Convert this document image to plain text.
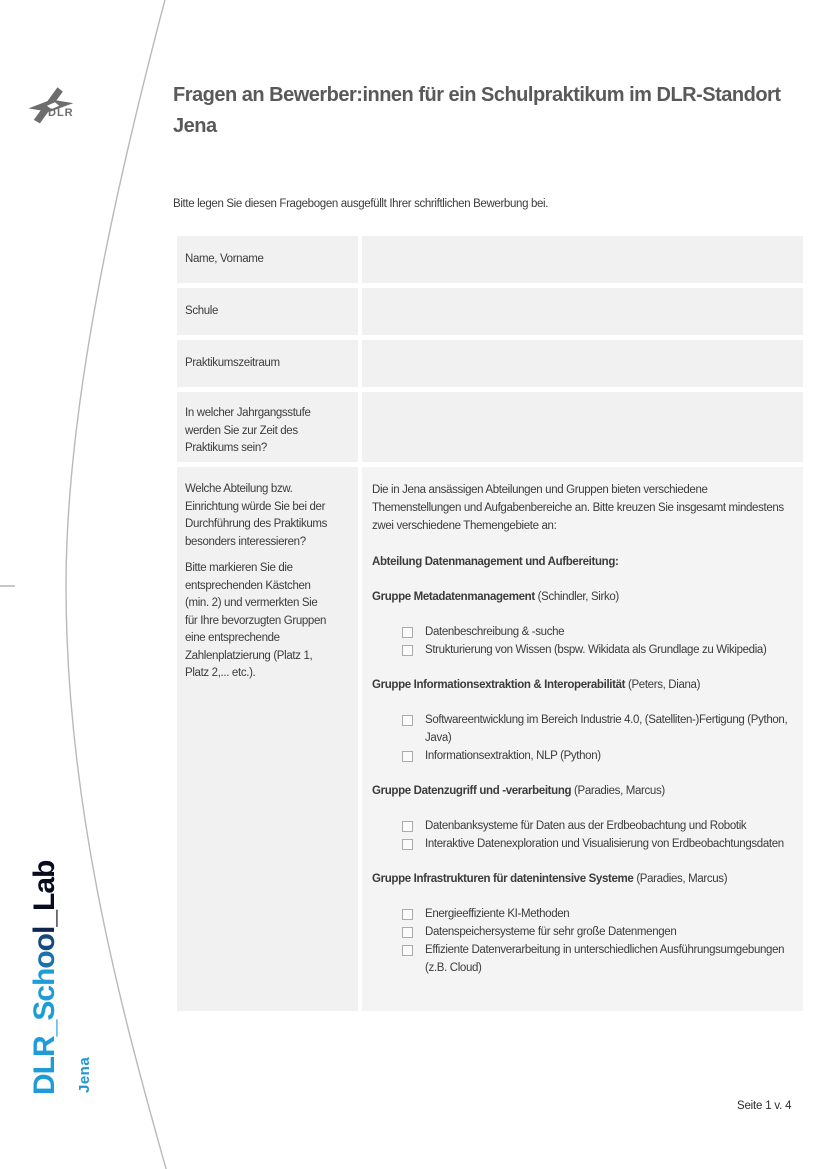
DLR
Fragen an Bewerber:innen für ein Schulpraktikum im DLR-Standort Jena
Bitte legen Sie diesen Fragebogen ausgefüllt Ihrer schriftlichen Bewerbung bei.
Name, Vorname
Schule
Praktikumszeitraum
In welcher Jahrgangsstufe werden Sie zur Zeit des Praktikums sein?
Welche Abteilung bzw. Einrichtung würde Sie bei der Durchführung des Praktikums besonders interessieren?
Bitte markieren Sie die entsprechenden Kästchen (min. 2) und vermerkten Sie für Ihre bevorzugten Gruppen eine entsprechende Zahlenplatzierung (Platz 1, Platz 2,... etc.).

Die in Jena ansässigen Abteilungen und Gruppen bieten verschiedene Themenstellungen und Aufgabenbereiche an. Bitte kreuzen Sie insgesamt mindestens zwei verschiedene Themengebiete an:

Abteilung Datenmanagement und Aufbereitung:

Gruppe Metadatenmanagement (Schindler, Sirko)
Datenbeschreibung & -suche
Strukturierung von Wissen (bspw. Wikidata als Grundlage zu Wikipedia)
Gruppe Informationsextraktion & Interoperabilität (Peters, Diana)
Softwareentwicklung im Bereich Industrie 4.0, (Satelliten-)Fertigung (Python, Java)
Informationsextraktion, NLP (Python)
Gruppe Datenzugriff und -verarbeitung (Paradies, Marcus)
Datenbanksysteme für Daten aus der Erdbeobachtung und Robotik
Interaktive Datenexploration und Visualisierung von Erdbeobachtungsdaten
Gruppe Infrastrukturen für datenintensive Systeme (Paradies, Marcus)
Energieeffiziente KI-Methoden
Datenspeichersysteme für sehr große Datenmengen
Effiziente Datenverarbeitung in unterschiedlichen Ausführungsumgebungen (z.B. Cloud)
DLR_School_Lab
Jena
Seite 1 v. 4
